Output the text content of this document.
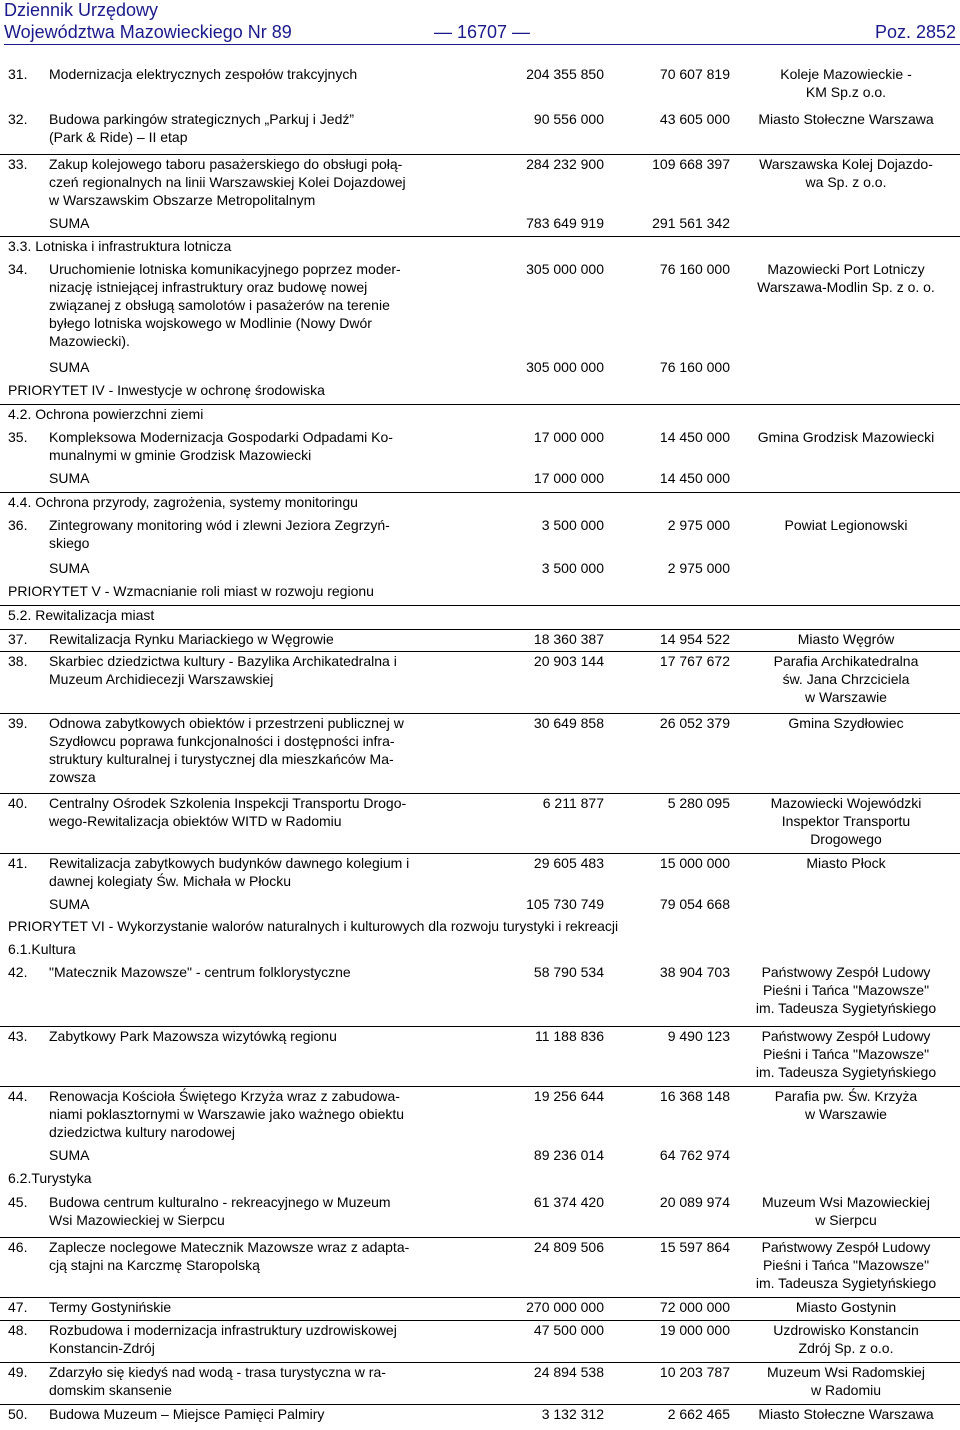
Dziennik Urzędowy
Województwa Mazowieckiego Nr 89	— 16707 —	Poz. 2852
31.	Modernizacja elektrycznych zespołów trakcyjnych	204 355 850	70 607 819	Koleje Mazowieckie -
KM Sp.z o.o.
32.	Budowa parkingów strategicznych „Parkuj i Jedź”
(Park & Ride) – II etap
90 556 000	43 605 000	Miasto Stołeczne Warszawa
33.	Zakup kolejowego taboru pasażerskiego do obsługi połą-
czeń regionalnych na linii Warszawskiej Kolei Dojazdowej
w Warszawskim Obszarze Metropolitalnym
284 232 900	109 668 397	Warszawska Kolej Dojazdo-
wa Sp. z o.o.
SUMA	783 649 919	291 561 342
3.3. Lotniska i infrastruktura lotnicza
34.	Uruchomienie lotniska komunikacyjnego poprzez moder-
nizację istniejącej infrastruktury oraz budowę nowej
związanej z obsługą samolotów i pasażerów na terenie
byłego lotniska wojskowego w Modlinie (Nowy Dwór
Mazowiecki).
305 000 000	76 160 000	Mazowiecki Port Lotniczy
Warszawa-Modlin Sp. z o. o.
SUMA	305 000 000	76 160 000
PRIORYTET IV - Inwestycje w ochronę środowiska
4.2. Ochrona powierzchni ziemi
35.	Kompleksowa Modernizacja Gospodarki Odpadami Ko-
munalnymi w gminie Grodzisk Mazowiecki
17 000 000	14 450 000	Gmina Grodzisk Mazowiecki
SUMA	17 000 000	14 450 000
4.4. Ochrona przyrody, zagrożenia, systemy monitoringu
36.	Zintegrowany monitoring wód i zlewni Jeziora Zegrzyń-
skiego
3 500 000	2 975 000	Powiat Legionowski
SUMA	3 500 000	2 975 000
PRIORYTET V - Wzmacnianie roli miast w rozwoju regionu
5.2. Rewitalizacja miast
37.	Rewitalizacja Rynku Mariackiego w Węgrowie	18 360 387	14 954 522	Miasto Węgrów
38.	Skarbiec dziedzictwa kultury - Bazylika Archikatedralna i
Muzeum Archidiecezji Warszawskiej
20 903 144	17 767 672	Parafia Archikatedralna
św. Jana Chrzciciela
w Warszawie
39.	Odnowa zabytkowych obiektów i przestrzeni publicznej w
Szydłowcu poprawa funkcjonalności i dostępności infra-
struktury kulturalnej i turystycznej dla mieszkańców Ma-
zowsza
30 649 858	26 052 379	Gmina Szydłowiec
40.	Centralny Ośrodek Szkolenia Inspekcji Transportu Drogo-
wego-Rewitalizacja obiektów WITD w Radomiu
6 211 877	5 280 095	Mazowiecki Wojewódzki
Inspektor Transportu
Drogowego
41.	Rewitalizacja zabytkowych budynków dawnego kolegium i
dawnej kolegiaty Św. Michała w Płocku
29 605 483	15 000 000	Miasto Płock
SUMA	105 730 749	79 054 668
PRIORYTET VI - Wykorzystanie walorów naturalnych i kulturowych dla rozwoju turystyki i rekreacji
6.1.Kultura
42.	"Matecznik Mazowsze" - centrum folklorystyczne	58 790 534	38 904 703	Państwowy Zespół Ludowy
Pieśni i Tańca "Mazowsze"
im. Tadeusza Sygietyńskiego
43.	Zabytkowy Park Mazowsza wizytówką regionu	11 188 836	9 490 123	Państwowy Zespół Ludowy
Pieśni i Tańca "Mazowsze"
im. Tadeusza Sygietyńskiego
44.	Renowacja Kościoła Świętego Krzyża wraz z zabudowa-
niami poklasztornymi w Warszawie jako ważnego obiektu
dziedzictwa kultury narodowej
19 256 644	16 368 148	Parafia pw. Św. Krzyża
w Warszawie
SUMA	89 236 014	64 762 974
6.2.Turystyka
45.	Budowa centrum kulturalno - rekreacyjnego w Muzeum
Wsi Mazowieckiej w Sierpcu
61 374 420	20 089 974	Muzeum Wsi Mazowieckiej
w Sierpcu
46.	Zaplecze noclegowe Matecznik Mazowsze wraz z adapta-
cją stajni na Karczmę Staropolską
24 809 506	15 597 864	Państwowy Zespół Ludowy
Pieśni i Tańca "Mazowsze"
im. Tadeusza Sygietyńskiego
47.	Termy Gostynińskie	270 000 000	72 000 000	Miasto Gostynin
48.	Rozbudowa i modernizacja infrastruktury uzdrowiskowej
Konstancin-Zdrój
47 500 000	19 000 000	Uzdrowisko Konstancin
Zdrój Sp. z o.o.
49.	Zdarzyło się kiedyś nad wodą - trasa turystyczna w ra-
domskim skansenie
24 894 538	10 203 787	Muzeum Wsi Radomskiej
w Radomiu
50.	Budowa Muzeum – Miejsce Pamięci Palmiry	3 132 312	2 662 465	Miasto Stołeczne Warszawa
